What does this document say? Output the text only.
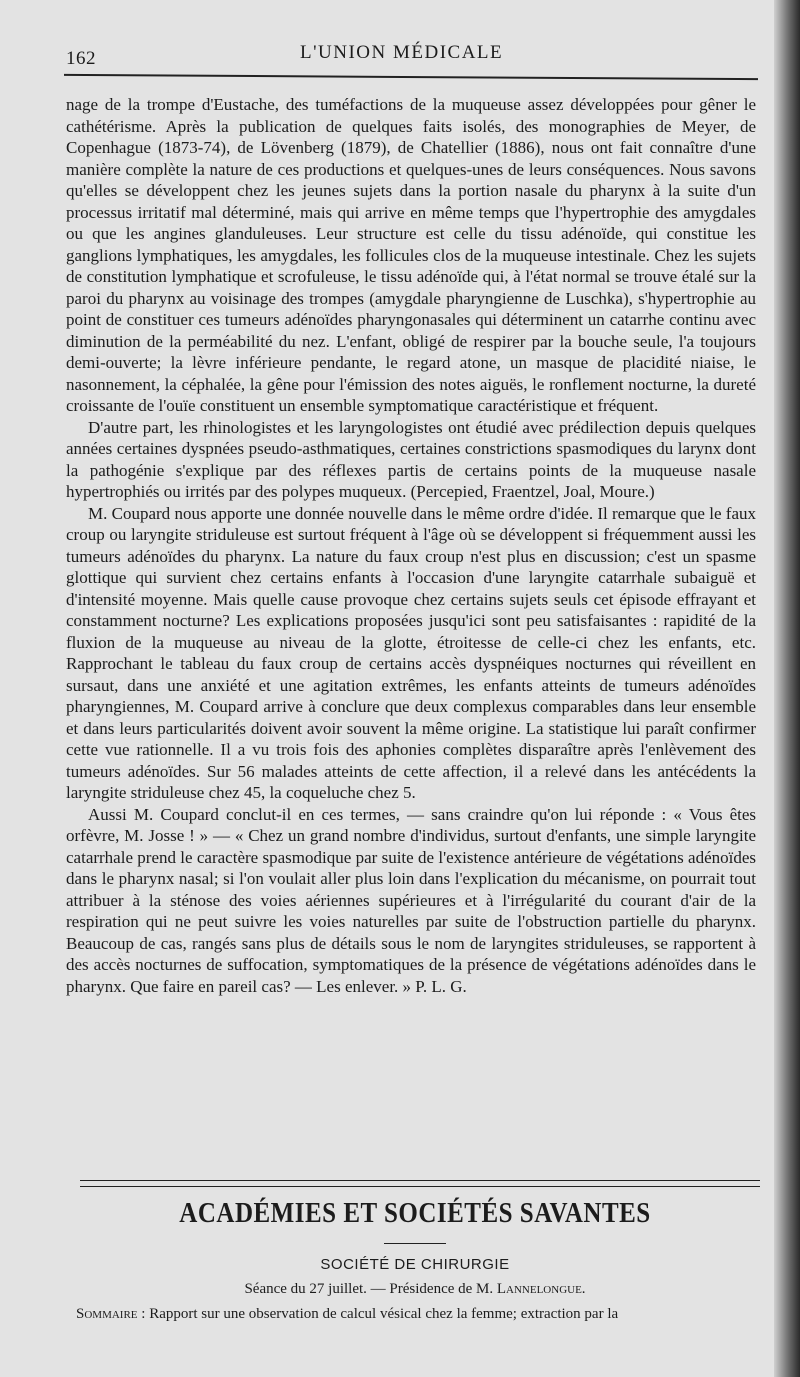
162	L'UNION MÉDICALE

nage de la trompe d'Eustache, des tuméfactions de la muqueuse assez développées pour gêner le cathétérisme. Après la publication de quelques faits isolés, des monographies de Meyer, de Copenhague (1873-74), de Lövenberg (1879), de Chatellier (1886), nous ont fait connaître d'une manière complète la nature de ces productions et quelques-unes de leurs conséquences. Nous savons qu'elles se développent chez les jeunes sujets dans la portion nasale du pharynx à la suite d'un processus irritatif mal déterminé, mais qui arrive en même temps que l'hypertrophie des amygdales ou que les angines glanduleuses. Leur structure est celle du tissu adénoïde, qui constitue les ganglions lymphatiques, les amygdales, les follicules clos de la muqueuse intestinale. Chez les sujets de constitution lymphatique et scrofuleuse, le tissu adénoïde qui, à l'état normal se trouve étalé sur la paroi du pharynx au voisinage des trompes (amygdale pharyngienne de Luschka), s'hypertrophie au point de constituer ces tumeurs adénoïdes pharyngonasales qui déterminent un catarrhe continu avec diminution de la perméabilité du nez. L'enfant, obligé de respirer par la bouche seule, l'a toujours demi-ouverte; la lèvre inférieure pendante, le regard atone, un masque de placidité niaise, le nasonnement, la céphalée, la gêne pour l'émission des notes aiguës, le ronflement nocturne, la dureté croissante de l'ouïe constituent un ensemble symptomatique caractéristique et fréquent.

D'autre part, les rhinologistes et les laryngologistes ont étudié avec prédilection depuis quelques années certaines dyspnées pseudo-asthmatiques, certaines constrictions spasmodiques du larynx dont la pathogénie s'explique par des réflexes partis de certains points de la muqueuse nasale hypertrophiés ou irrités par des polypes muqueux. (Percepied, Fraentzel, Joal, Moure.)

M. Coupard nous apporte une donnée nouvelle dans le même ordre d'idée. Il remarque que le faux croup ou laryngite striduleuse est surtout fréquent à l'âge où se développent si fréquemment aussi les tumeurs adénoïdes du pharynx. La nature du faux croup n'est plus en discussion; c'est un spasme glottique qui survient chez certains enfants à l'occasion d'une laryngite catarrhale subaiguë et d'intensité moyenne. Mais quelle cause provoque chez certains sujets seuls cet épisode effrayant et constamment nocturne? Les explications proposées jusqu'ici sont peu satisfaisantes : rapidité de la fluxion de la muqueuse au niveau de la glotte, étroitesse de celle-ci chez les enfants, etc. Rapprochant le tableau du faux croup de certains accès dyspnéiques nocturnes qui réveillent en sursaut, dans une anxiété et une agitation extrêmes, les enfants atteints de tumeurs adénoïdes pharyngiennes, M. Coupard arrive à conclure que deux complexus comparables dans leur ensemble et dans leurs particularités doivent avoir souvent la même origine. La statistique lui paraît confirmer cette vue rationnelle. Il a vu trois fois des aphonies complètes disparaître après l'enlèvement des tumeurs adénoïdes. Sur 56 malades atteints de cette affection, il a relevé dans les antécédents la laryngite striduleuse chez 45, la coqueluche chez 5.

Aussi M. Coupard conclut-il en ces termes, — sans craindre qu'on lui réponde : « Vous êtes orfèvre, M. Josse ! » — « Chez un grand nombre d'individus, surtout d'enfants, une simple laryngite catarrhale prend le caractère spasmodique par suite de l'existence antérieure de végétations adénoïdes dans le pharynx nasal; si l'on voulait aller plus loin dans l'explication du mécanisme, on pourrait tout attribuer à la sténose des voies aériennes supérieures et à l'irrégularité du courant d'air de la respiration qui ne peut suivre les voies naturelles par suite de l'obstruction partielle du pharynx. Beaucoup de cas, rangés sans plus de détails sous le nom de laryngites striduleuses, se rapportent à des accès nocturnes de suffocation, symptomatiques de la présence de végétations adénoïdes dans le pharynx. Que faire en pareil cas? — Les enlever. » P. L. G.

ACADÉMIES ET SOCIÉTÉS SAVANTES
SOCIÉTÉ DE CHIRURGIE
Séance du 27 juillet. — Présidence de M. Lannelongue.
Sommaire : Rapport sur une observation de calcul vésical chez la femme; extraction par la
